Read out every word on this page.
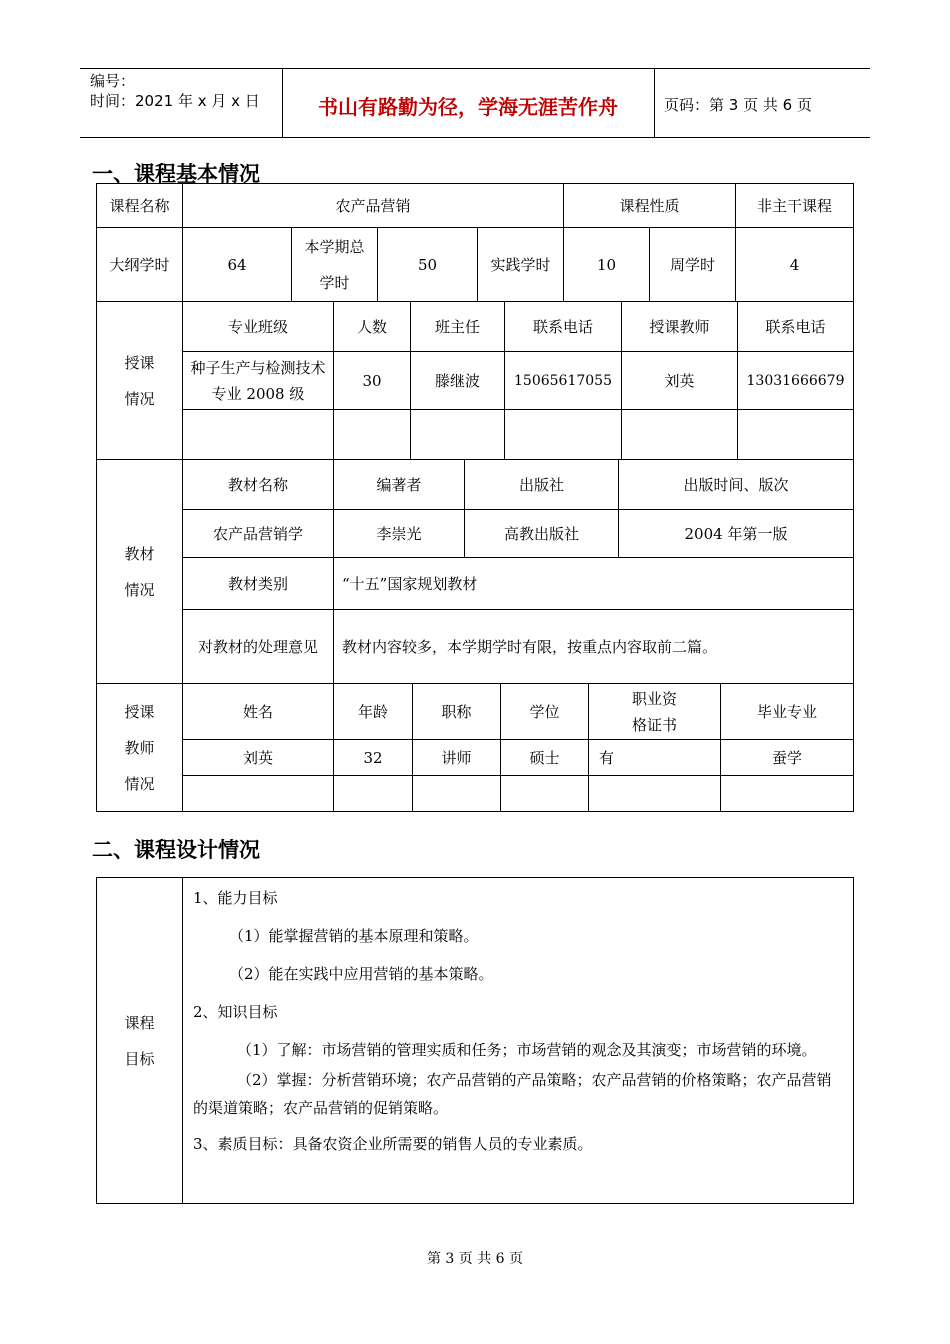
编号：
时间：2021 年 x 月 x 日	书山有路勤为径，学海无涯苦作舟	页码：第 3 页 共 6 页
一、课程基本情况
课程名称	农产品营销				课程性质		非主干课程
大纲学时	64	本学期总学时	50	实践学时	10	周学时	4
授课情况	专业班级	人数	班主任	联系电话	授课教师	联系电话
	种子生产与检测技术专业 2008 级	30	滕继波	15065617055	刘英	13031666679

教材情况	教材名称	编著者	出版社	出版时间、版次
	农产品营销学	李崇光	高教出版社	2004 年第一版
	教材类别	“十五”国家规划教材		
	对教材的处理意见	教材内容较多，本学期学时有限，按重点内容取前二篇。		
授课教师情况	姓名	年龄	职称	学位	职业资格证书	毕业专业
	刘英	32	讲师	硕士	有	蚕学

二、课程设计情况
课程目标	

1、能力目标

（1）能掌握营销的基本原理和策略。

（2）能在实践中应用营销的基本策略。

2、知识目标

（1）了解：市场营销的管理实质和任务；市场营销的观念及其演变；市场营销的环境。

（2）掌握：分析营销环境；农产品营销的产品策略；农产品营销的价格策略；农产品营销的渠道策略；农产品营销的促销策略。

3、素质目标：具备农资企业所需要的销售人员的专业素质。

第 3 页 共 6 页
